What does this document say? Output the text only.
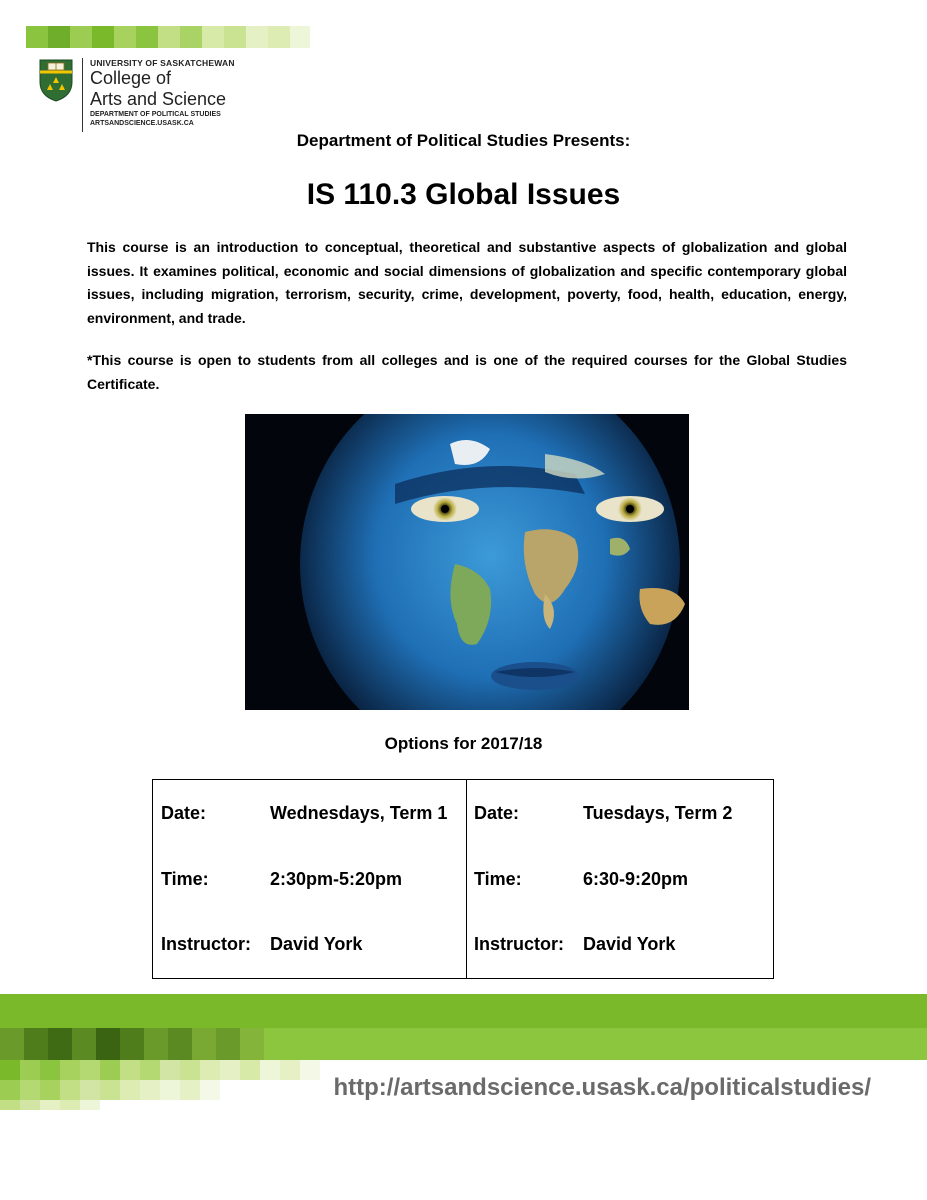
UNIVERSITY OF SASKATCHEWAN
College of
Arts and Science
DEPARTMENT OF POLITICAL STUDIES
ARTSANDSCIENCE.USASK.CA
Department of Political Studies Presents:
IS 110.3 Global Issues
This course is an introduction to conceptual, theoretical and substantive aspects of globalization and global issues. It examines political, economic and social dimensions of globalization and specific contemporary global issues, including migration, terrorism, security, crime, development, poverty, food, health, education, energy, environment, and trade.
*This course is open to students from all colleges and is one of the required courses for the Global Studies Certificate.
Options for 2017/18
Date:	Wednesdays, Term 1
Time:	2:30pm-5:20pm
Instructor: David York
Date:	Tuesdays, Term 2
Time:	6:30-9:20pm
Instructor: David York
http://artsandscience.usask.ca/politicalstudies/
